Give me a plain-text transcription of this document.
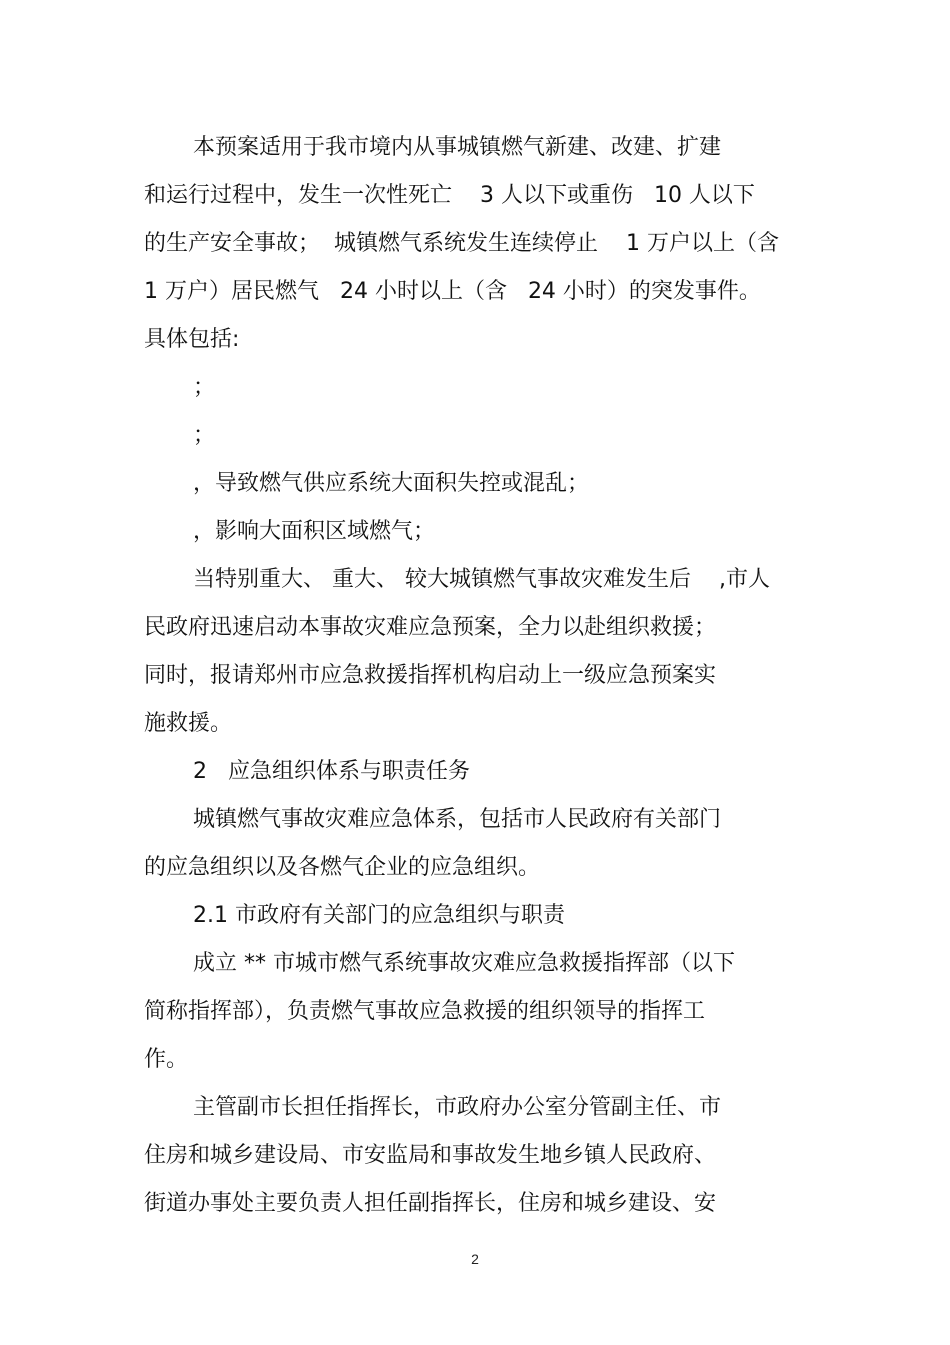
本预案适用于我市境内从事城镇燃气新建、改建、扩建
和运行过程中，发生一次性死亡    3 人以下或重伤   10 人以下
的生产安全事故；  城镇燃气系统发生连续停止    1 万户以上（含
1 万户）居民燃气   24 小时以上（含   24 小时）的突发事件。
具体包括:
；
；
，导致燃气供应系统大面积失控或混乱；
，影响大面积区域燃气；
当特别重大、 重大、 较大城镇燃气事故灾难发生后    ,市人
民政府迅速启动本事故灾难应急预案，全力以赴组织救援；
同时，报请郑州市应急救援指挥机构启动上一级应急预案实
施救援。
2   应急组织体系与职责任务
城镇燃气事故灾难应急体系，包括市人民政府有关部门
的应急组织以及各燃气企业的应急组织。
2.1 市政府有关部门的应急组织与职责
成立 ** 市城市燃气系统事故灾难应急救援指挥部（以下
简称指挥部），负责燃气事故应急救援的组织领导的指挥工
作。
主管副市长担任指挥长，市政府办公室分管副主任、市
住房和城乡建设局、市安监局和事故发生地乡镇人民政府、
街道办事处主要负责人担任副指挥长，住房和城乡建设、安
2
